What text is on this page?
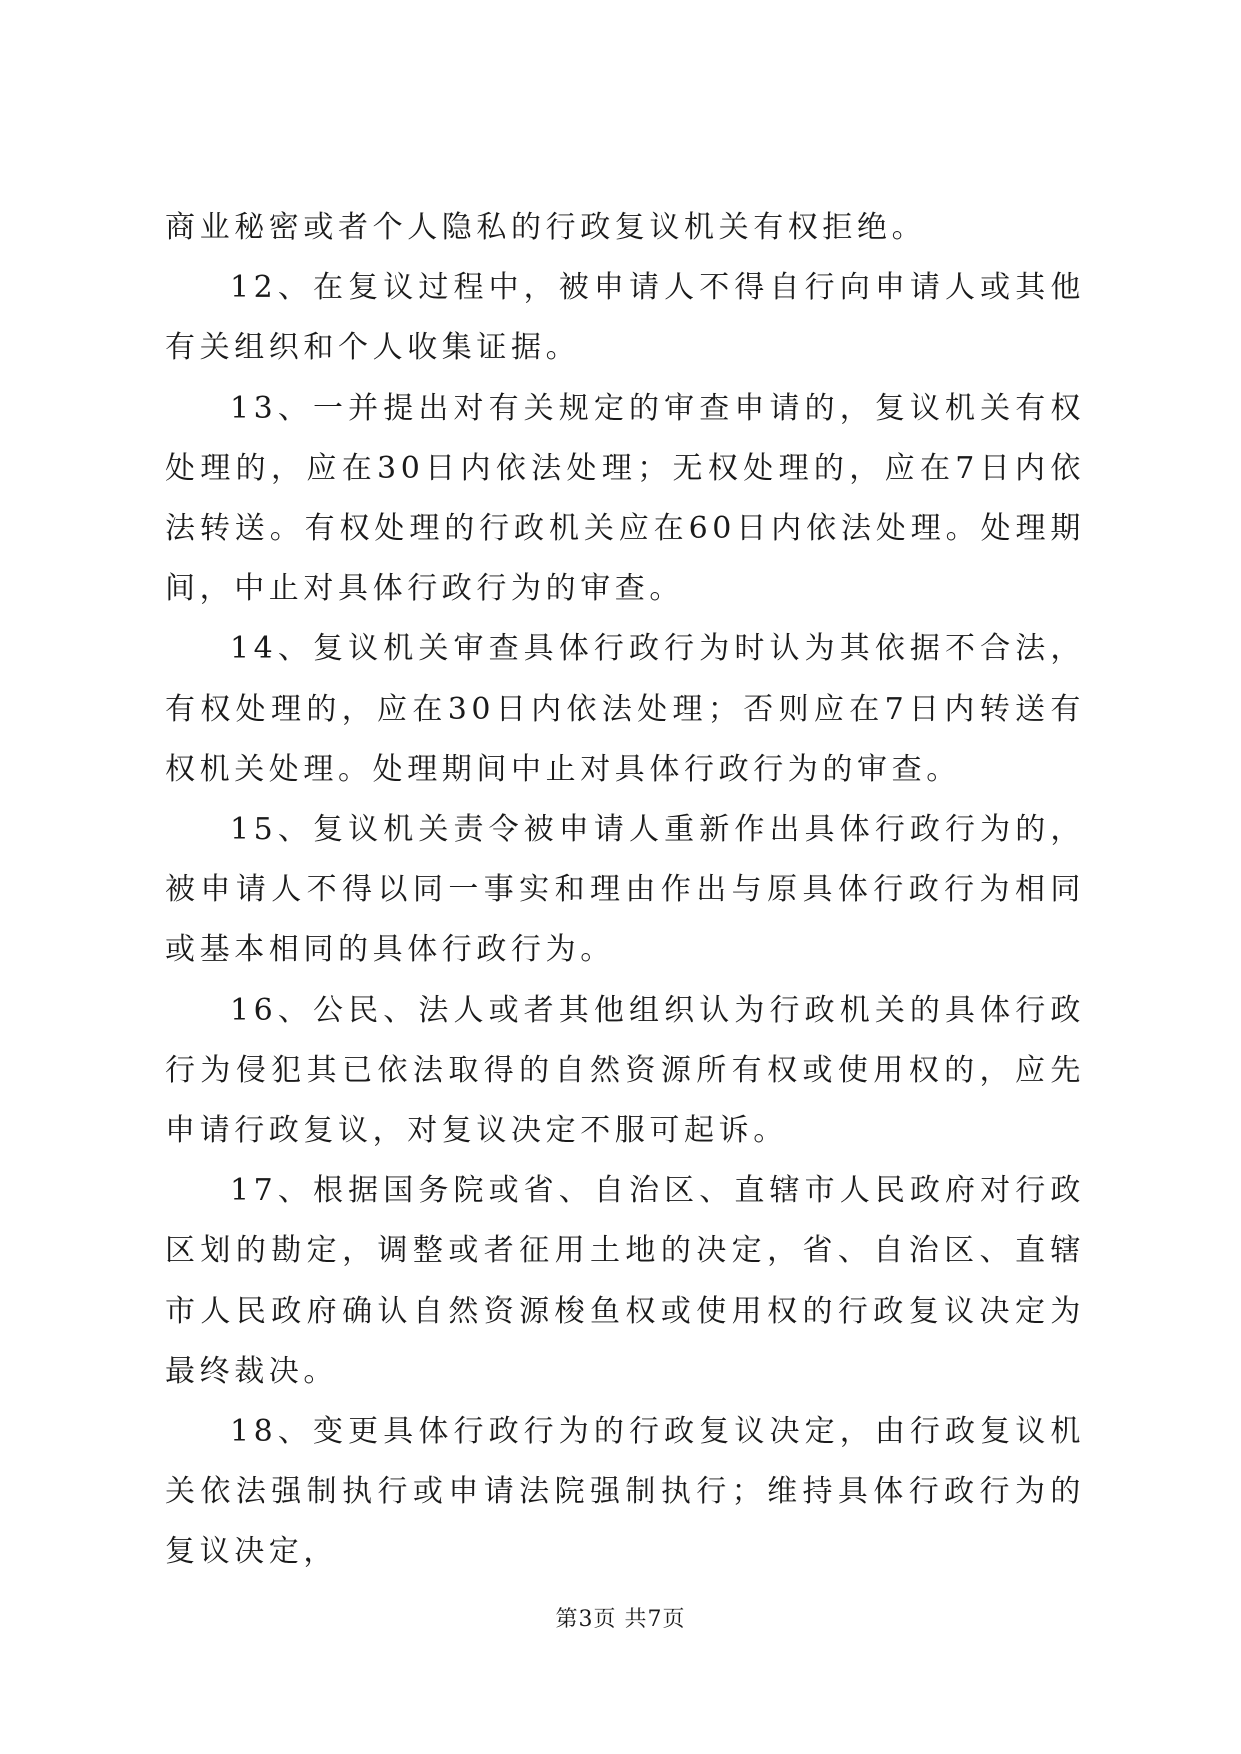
商业秘密或者个人隐私的行政复议机关有权拒绝。

12、在复议过程中，被申请人不得自行向申请人或其他有关组织和个人收集证据。

13、一并提出对有关规定的审查申请的，复议机关有权处理的，应在30日内依法处理；无权处理的，应在7日内依法转送。有权处理的行政机关应在60日内依法处理。处理期间，中止对具体行政行为的审查。

14、复议机关审查具体行政行为时认为其依据不合法，有权处理的，应在30日内依法处理；否则应在7日内转送有权机关处理。处理期间中止对具体行政行为的审查。

15、复议机关责令被申请人重新作出具体行政行为的，被申请人不得以同一事实和理由作出与原具体行政行为相同或基本相同的具体行政行为。

16、公民、法人或者其他组织认为行政机关的具体行政行为侵犯其已依法取得的自然资源所有权或使用权的，应先申请行政复议，对复议决定不服可起诉。

17、根据国务院或省、自治区、直辖市人民政府对行政区划的勘定，调整或者征用土地的决定，省、自治区、直辖市人民政府确认自然资源梭鱼权或使用权的行政复议决定为最终裁决。

18、变更具体行政行为的行政复议决定，由行政复议机关依法强制执行或申请法院强制执行；维持具体行政行为的复议决定，

第3页 共7页
